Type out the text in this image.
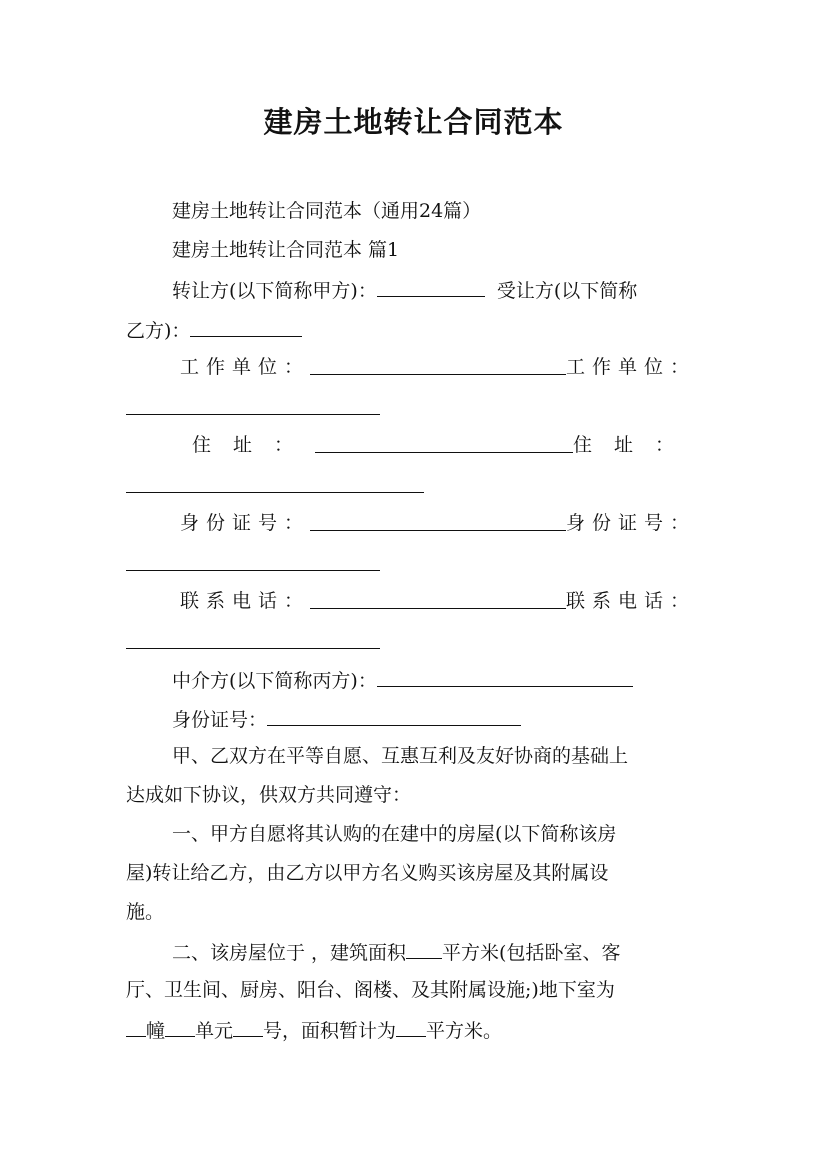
建房土地转让合同范本
建房土地转让合同范本（通用24篇）
建房土地转让合同范本 篇1
转让方(以下简称甲方)：	受让方(以下简称
乙方)：
工作单位：	工作单位：
住址：	住址：
身份证号：	身份证号：
联系电话：	联系电话：
中介方(以下简称丙方)：
身份证号：
甲、乙双方在平等自愿、互惠互利及友好协商的基础上
达成如下协议，供双方共同遵守：
一、甲方自愿将其认购的在建中的房屋(以下简称该房
屋)转让给乙方，由乙方以甲方名义购买该房屋及其附属设
施。
二、该房屋位于 ，建筑面积 平方米(包括卧室、客
厅、卫生间、厨房、阳台、阁楼、及其附属设施;)地下室为
幢 单元 号，面积暂计为 平方米。
